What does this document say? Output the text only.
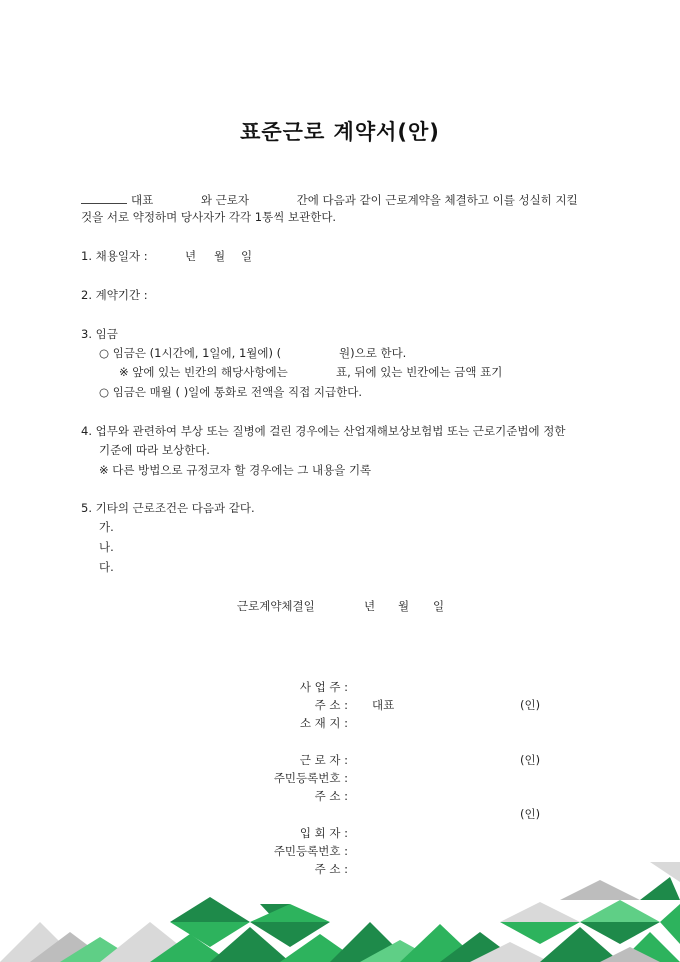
표준근로 계약서(안)
대표	와 근로자	간에 다음과 같이 근로계약을 체결하고 이를 성실히 지킬
것을 서로 약정하며 당사자가 각각 1통씩 보관한다.
1. 채용일자 :	년 월 일
2. 계약기간 :
3. 임금
○ 임금은 (1시간에, 1일에, 1월에) (	원)으로 한다.
※ 앞에 있는 빈칸의 해당사항에는	표, 뒤에 있는 빈칸에는 금액 표기
○ 임금은 매월 ( )일에 통화로 전액을 직접 지급한다.
4. 업무와 관련하여 부상 또는 질병에 걸린 경우에는 산업재해보상보험법 또는 근로기준법에 정한
기준에 따라 보상한다.
※ 다른 방법으로 규정코자 할 경우에는 그 내용을 기록
5. 기타의 근로조건은 다음과 같다.
가.
나.
다.
근로계약체결일	년 월 일
사 업 주 :
주 소 : 대표	(인)
소 재 지 :
근 로 자 :	(인)
주민등록번호 :
주 소 :
(인)
입 회 자 :
주민등록번호 :
주 소 :
